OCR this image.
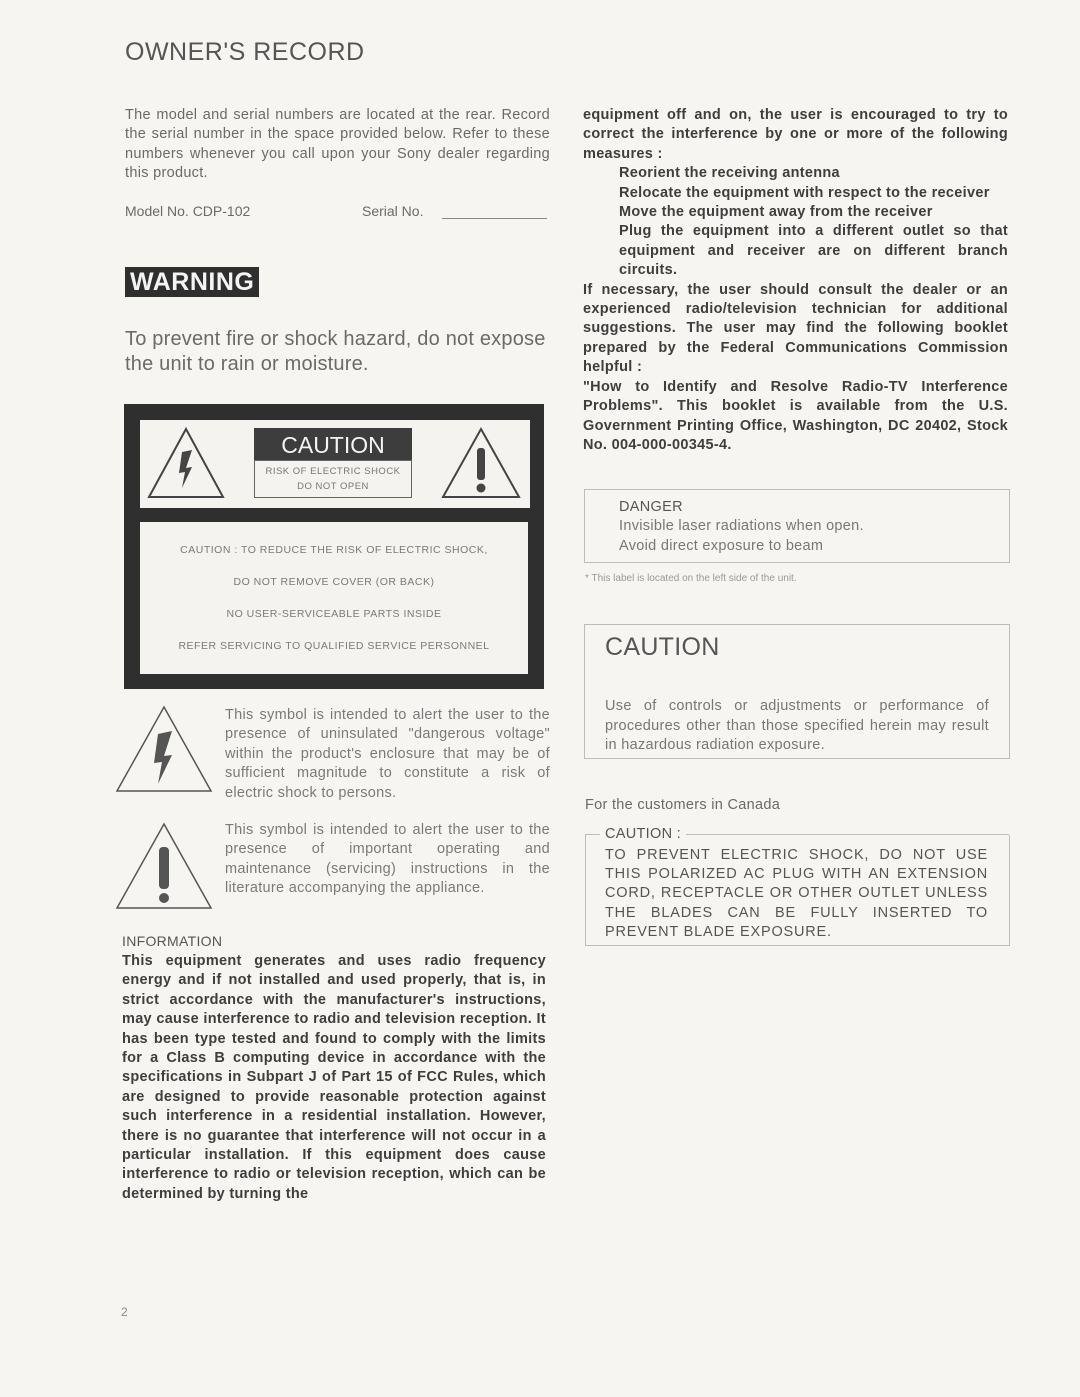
OWNER'S RECORD
The model and serial numbers are located at the rear. Record the serial number in the space provided below. Refer to these numbers whenever you call upon your Sony dealer regarding this product.
Model No. CDP-102	Serial No.
WARNING
To prevent fire or shock hazard, do not expose the unit to rain or moisture.
CAUTION
RISK OF ELECTRIC SHOCK
DO NOT OPEN
CAUTION : TO REDUCE THE RISK OF ELECTRIC SHOCK,
DO NOT REMOVE COVER (OR BACK)
NO USER-SERVICEABLE PARTS INSIDE
REFER SERVICING TO QUALIFIED SERVICE PERSONNEL
This symbol is intended to alert the user to the presence of uninsulated "dangerous voltage" within the product's enclosure that may be of sufficient magnitude to constitute a risk of electric shock to persons.
This symbol is intended to alert the user to the presence of important operating and maintenance (servicing) instructions in the literature accompanying the appliance.
INFORMATION
This equipment generates and uses radio frequency energy and if not installed and used properly, that is, in strict accordance with the manufacturer's instructions, may cause interference to radio and television reception. It has been type tested and found to comply with the limits for a Class B computing device in accordance with the specifications in Subpart J of Part 15 of FCC Rules, which are designed to provide reasonable protection against such interference in a residential installation. However, there is no guarantee that interference will not occur in a particular installation. If this equipment does cause interference to radio or television reception, which can be determined by turning the
2
equipment off and on, the user is encouraged to try to correct the interference by one or more of the following measures :
Reorient the receiving antenna
Relocate the equipment with respect to the receiver
Move the equipment away from the receiver
Plug the equipment into a different outlet so that equipment and receiver are on different branch circuits.
If necessary, the user should consult the dealer or an experienced radio/television technician for additional suggestions. The user may find the following booklet prepared by the Federal Communications Commission helpful :
"How to Identify and Resolve Radio-TV Interference Problems". This booklet is available from the U.S. Government Printing Office, Washington, DC 20402, Stock No. 004-000-00345-4.
DANGER
Invisible laser radiations when open.
Avoid direct exposure to beam
* This label is located on the left side of the unit.
CAUTION
Use of controls or adjustments or performance of procedures other than those specified herein may result in hazardous radiation exposure.
For the customers in Canada
CAUTION :
TO PREVENT ELECTRIC SHOCK, DO NOT USE THIS POLARIZED AC PLUG WITH AN EXTENSION CORD, RECEPTACLE OR OTHER OUTLET UNLESS THE BLADES CAN BE FULLY INSERTED TO PREVENT BLADE EXPOSURE.
